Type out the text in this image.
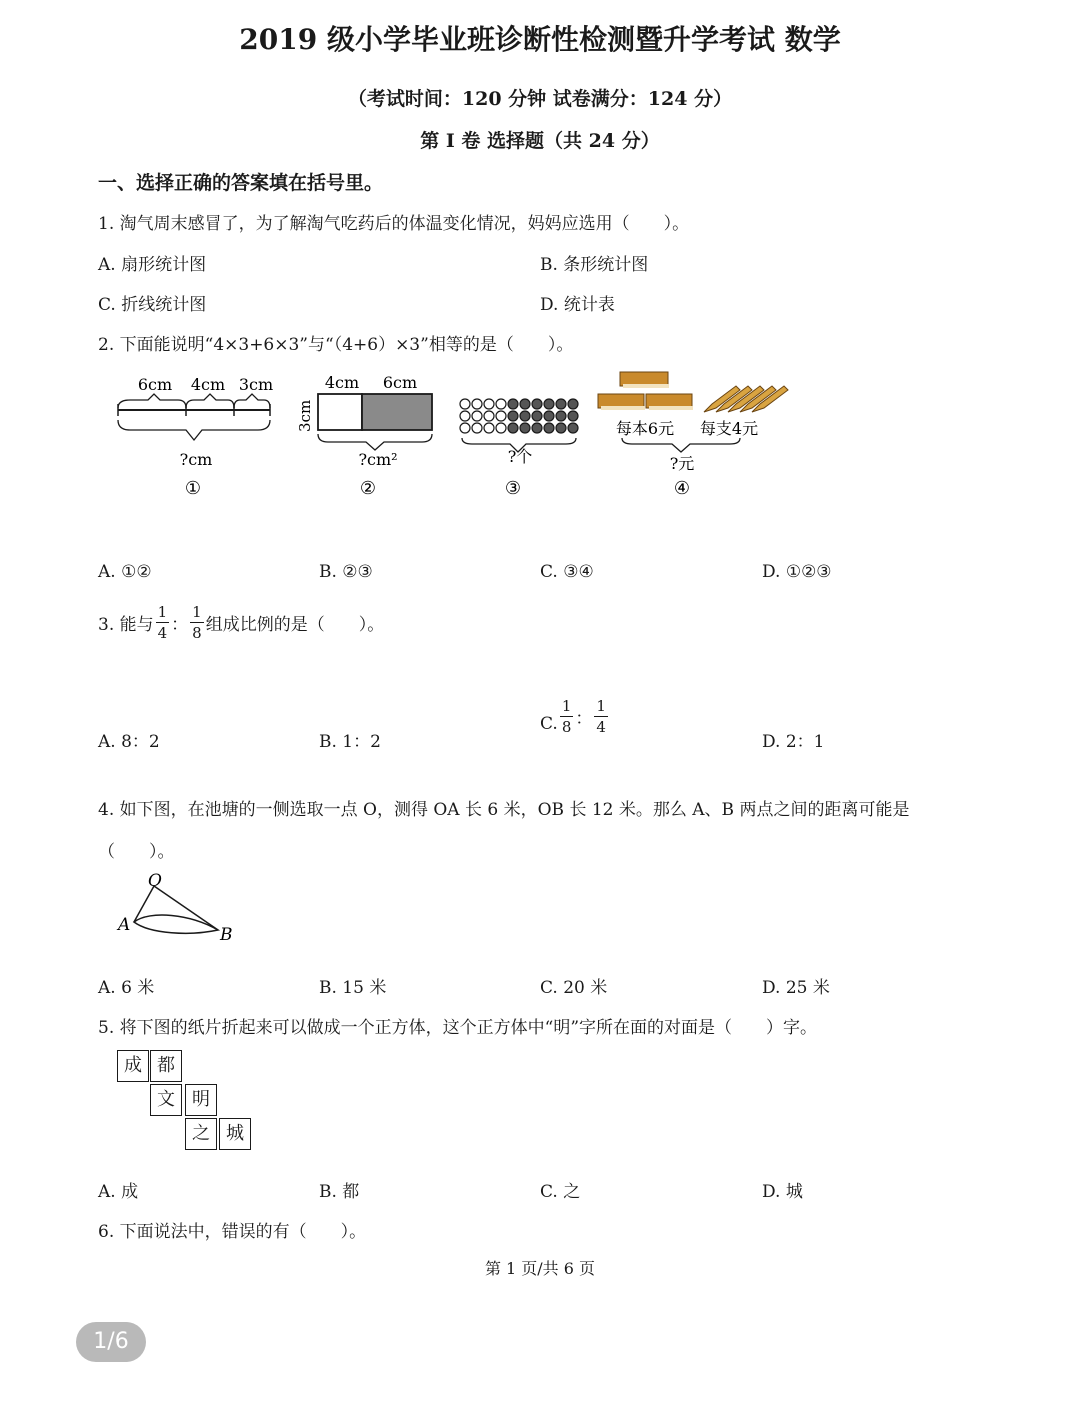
2019 级小学毕业班诊断性检测暨升学考试 数学
（考试时间：120 分钟 试卷满分：124 分）
第 I 卷 选择题（共 24 分）
一、选择正确的答案填在括号里。
1. 淘气周末感冒了，为了解淘气吃药后的体温变化情况，妈妈应选用（　　）。
A. 扇形统计图	B. 条形统计图
C. 折线统计图	D. 统计表
2. 下面能说明“4×3+6×3”与“（4+6）×3”相等的是（　　）。
6cm 4cm 3cm
?cm
①
4cm 6cm
3cm
?cm²
②
?个
③
每本6元 每支4元
?元
④
A. ①②	B. ②③	C. ③④	D. ①②③
3. 能与 $\frac{1}{4}$ ： $\frac{1}{8}$ 组成比例的是（　　）。
A. 8：2	B. 1：2
C. $\frac{1}{8}$ ： $\frac{1}{4}$
D. 2：1
4. 如下图，在池塘的一侧选取一点 O，测得 OA 长 6 米，OB 长 12 米。那么 A、B 两点之间的距离可能是
（　　）。
O
A	B
A. 6 米	B. 15 米	C. 20 米	D. 25 米
5. 将下图的纸片折起来可以做成一个正方体，这个正方体中“明”字所在面的对面是（　　）字。
成 都
文 明
之 城
A. 成	B. 都	C. 之	D. 城
6. 下面说法中，错误的有（　　）。
第 1 页/共 6 页
1/6
